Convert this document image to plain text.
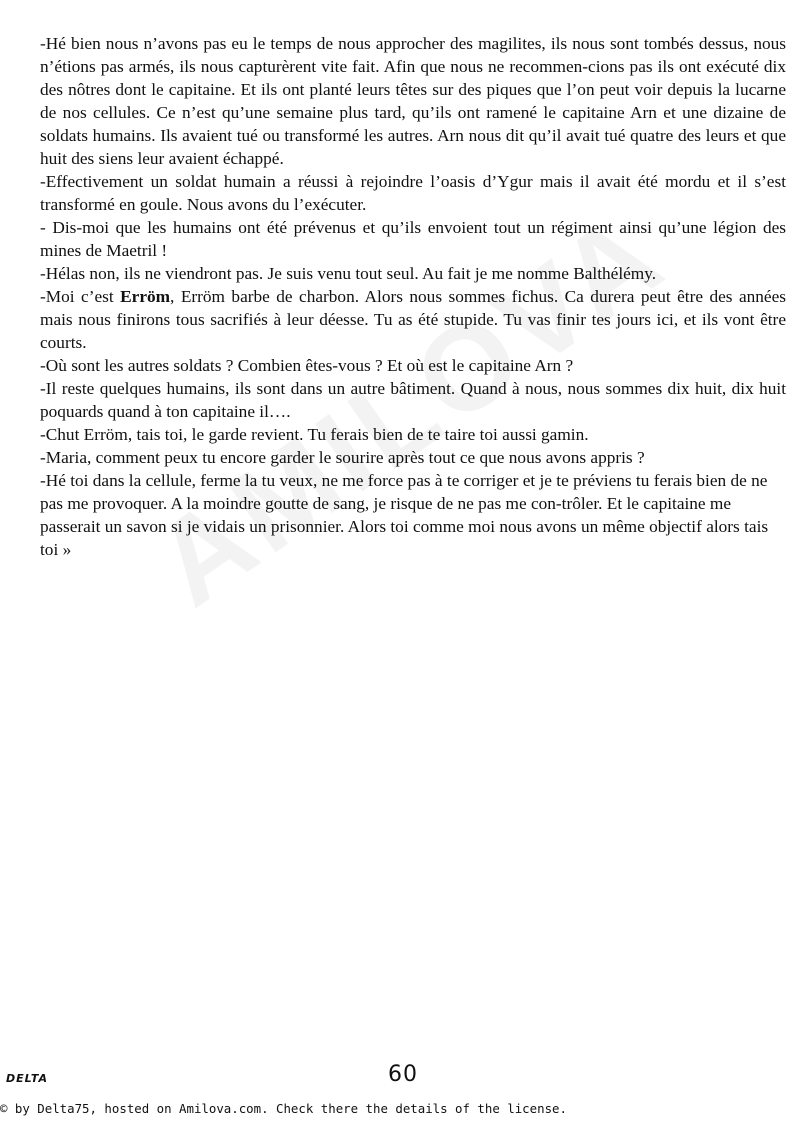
-Hé bien nous n’avons pas eu le temps de nous approcher des magilites, ils nous sont tombés dessus, nous n’étions pas armés, ils nous capturèrent vite fait. Afin que nous ne recommen-cions pas ils ont exécuté dix des nôtres dont le capitaine. Et ils ont planté leurs têtes sur des piques que l’on peut voir depuis la lucarne de nos cellules. Ce n’est qu’une semaine plus tard, qu’ils ont ramené le capitaine Arn et une dizaine de soldats humains. Ils avaient tué ou transformé les autres. Arn nous dit qu’il avait tué quatre des leurs et que huit des siens leur avaient échappé.

-Effectivement un soldat humain a réussi à rejoindre l’oasis d’Ygur mais il avait été mordu et il s’est transformé en goule. Nous avons du l’exécuter.

- Dis-moi que les humains ont été prévenus et qu’ils envoient tout un régiment ainsi qu’une légion des mines de Maetril !

-Hélas non, ils ne viendront pas. Je suis venu tout seul. Au fait je me nomme Balthélémy.

-Moi c’est Erröm, Erröm barbe de charbon. Alors nous sommes fichus. Ca durera peut être des années mais nous finirons tous sacrifiés à leur déesse. Tu as été stupide. Tu vas finir tes jours ici, et ils vont être courts.

-Où sont les autres soldats ? Combien êtes-vous ? Et où est le capitaine Arn ?

-Il reste quelques humains, ils sont dans un autre bâtiment. Quand à nous, nous sommes dix huit, dix huit poquards quand à ton capitaine il….

-Chut Erröm, tais toi, le garde revient. Tu ferais bien de te taire toi aussi gamin.

-Maria, comment peux tu encore garder le sourire après tout ce que nous avons appris ?

-Hé toi dans la cellule, ferme la tu veux, ne me force pas à te corriger et je te préviens tu ferais bien de ne pas me provoquer. A la moindre goutte de sang, je risque de ne pas me con-trôler. Et le capitaine me passerait un savon si je vidais un prisonnier. Alors toi comme moi nous avons un même objectif alors tais toi »

DELTA	60
© by Delta75, hosted on Amilova.com. Check there the details of the license.
